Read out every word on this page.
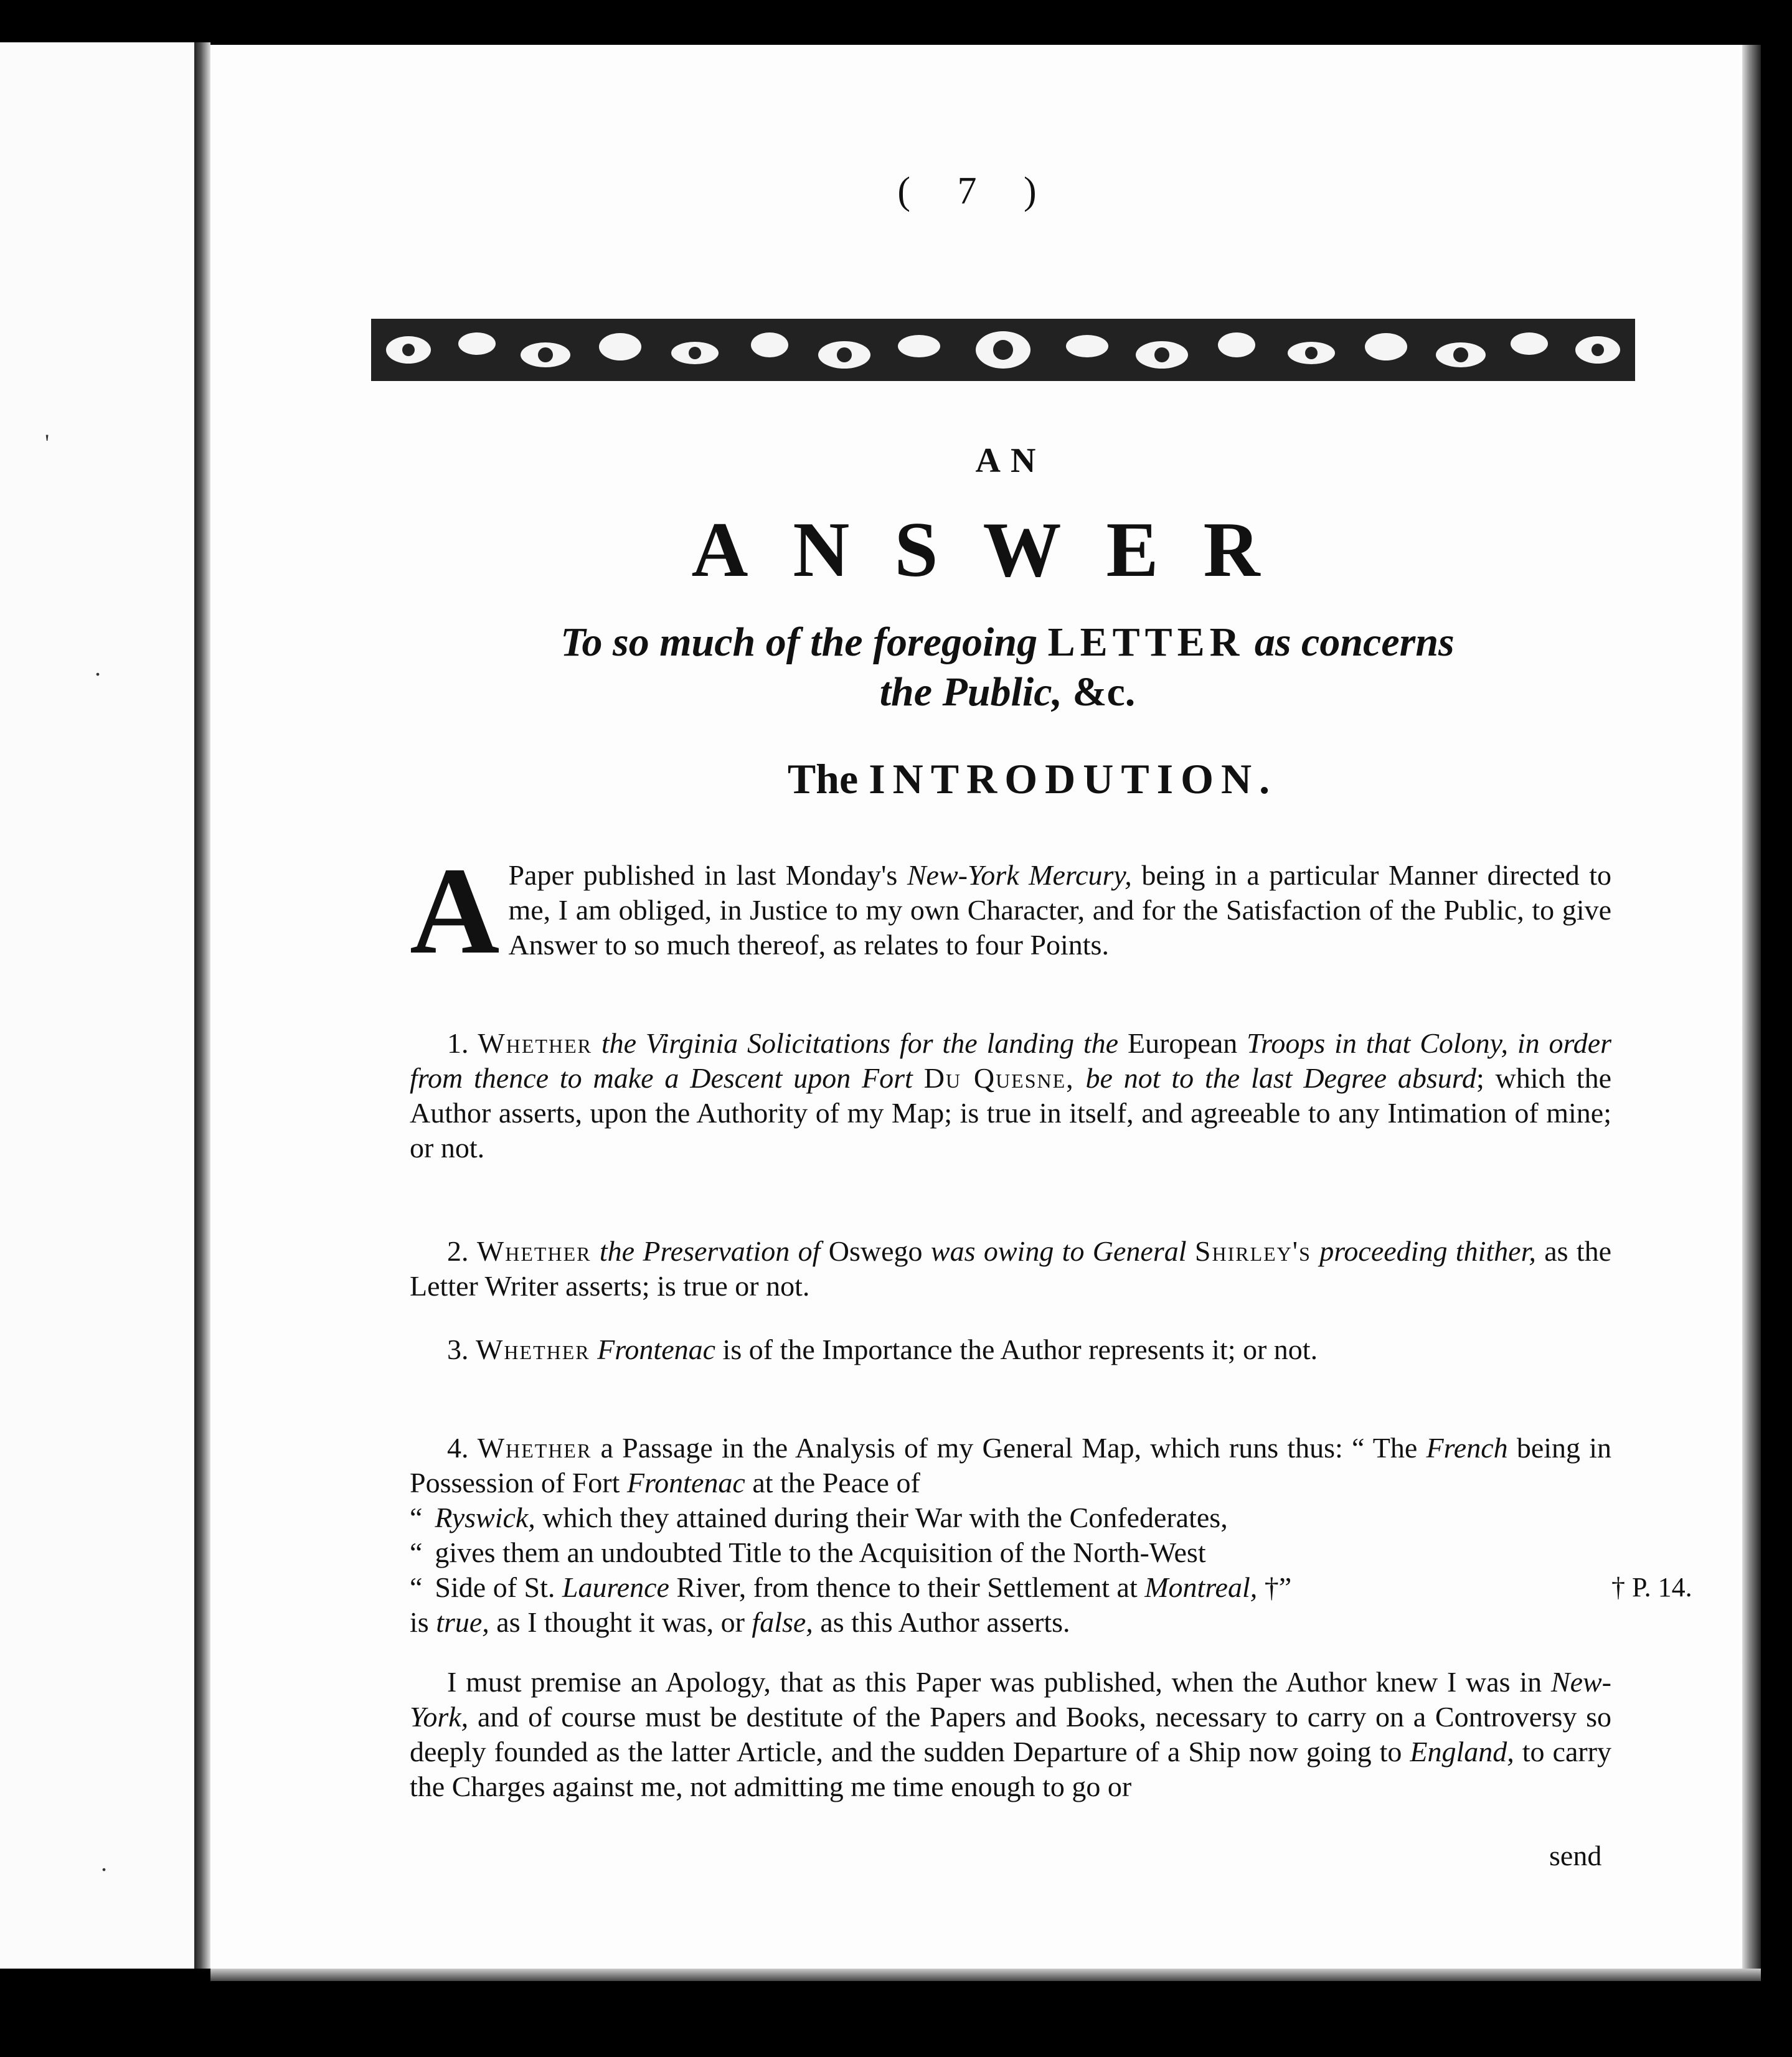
'
.
.
( 7 )
AN
ANSWER
To so much of the foregoing LETTER as concerns
the Public, &c.
The INTRODUTION.
A Paper published in last Monday's New-York Mercury, being in a particular Manner directed to me, I am obliged, in Justice to my own Character, and for the Satisfaction of the Public, to give Answer to so much thereof, as relates to four Points.
1. Whether the Virginia Solicitations for the landing the European Troops in that Colony, in order from thence to make a Descent upon Fort Du Quesne, be not to the last Degree absurd; which the Author asserts, upon the Authority of my Map; is true in itself, and agreeable to any Intimation of mine; or not.
2. Whether the Preservation of Oswego was owing to General Shirley's proceeding thither, as the Letter Writer asserts; is true or not.
3. Whether Frontenac is of the Importance the Author represents it; or not.
4. Whether a Passage in the Analysis of my General Map, which runs thus: “ The French being in Possession of Fort Frontenac at the Peace of
“ Ryswick, which they attained during their War with the Confederates,
“ gives them an undoubted Title to the Acquisition of the North-West
“ Side of St. Laurence River, from thence to their Settlement at Montreal, †”
is true, as I thought it was, or false, as this Author asserts.
† P. 14.
I must premise an Apology, that as this Paper was published, when the Author knew I was in New-York, and of course must be destitute of the Papers and Books, necessary to carry on a Controversy so deeply founded as the latter Article, and the sudden Departure of a Ship now going to England, to carry the Charges against me, not admitting me time enough to go or
send
